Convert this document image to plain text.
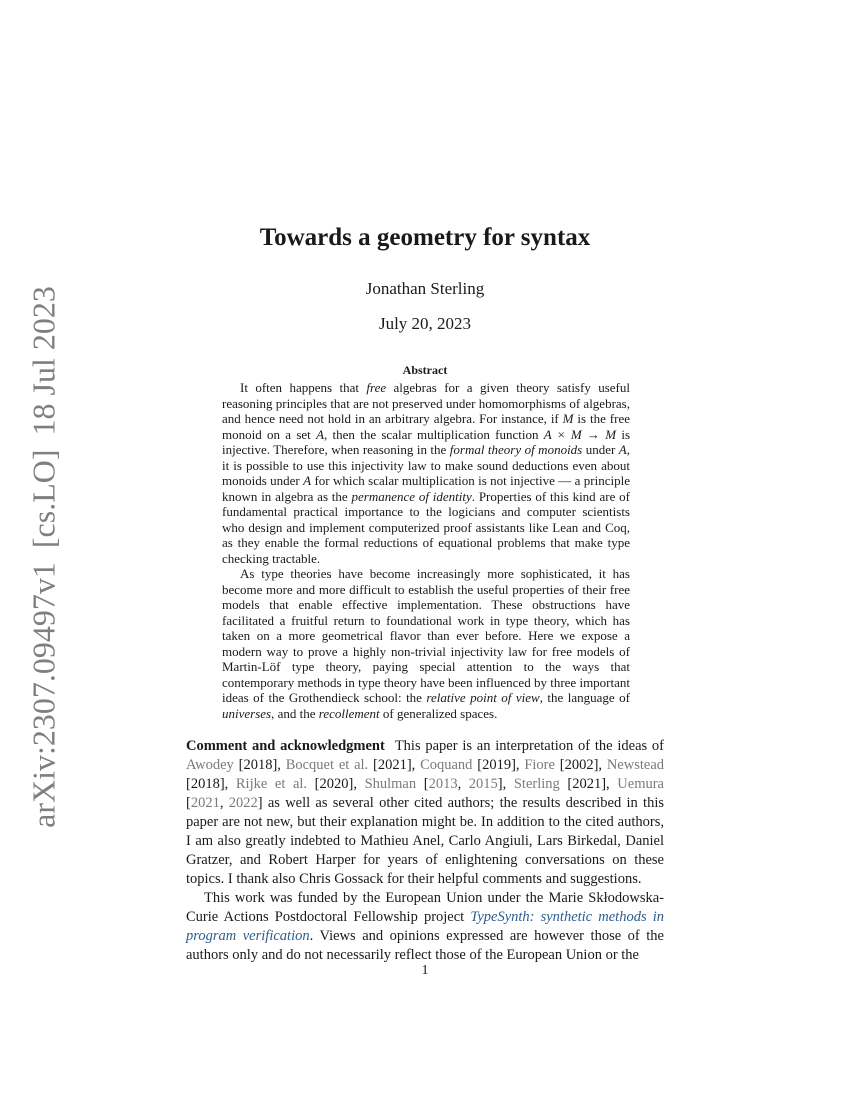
arXiv:2307.09497v1[cs.LO]18 Jul 2023
Towards a geometry for syntax
Jonathan Sterling
July 20, 2023
Abstract

It often happens that free algebras for a given theory satisfy useful reasoning principles that are not preserved under homomorphisms of algebras, and hence need not hold in an arbitrary algebra. For instance, if M is the free monoid on a set A, then the scalar multiplication function A × M → M is injective. Therefore, when reasoning in the formal theory of monoids under A, it is possible to use this injectivity law to make sound deductions even about monoids under A for which scalar multiplication is not injective — a principle known in algebra as the permanence of identity. Properties of this kind are of fundamental practical importance to the logicians and computer scientists who design and implement computerized proof assistants like Lean and Coq, as they enable the formal reductions of equational problems that make type checking tractable.

As type theories have become increasingly more sophisticated, it has become more and more difficult to establish the useful properties of their free models that enable effective implementation. These obstructions have facilitated a fruitful return to foundational work in type theory, which has taken on a more geometrical flavor than ever before. Here we expose a modern way to prove a highly non-trivial injectivity law for free models of Martin-Löf type theory, paying special attention to the ways that contemporary methods in type theory have been influenced by three important ideas of the Grothendieck school: the relative point of view, the language of universes, and the recollement of generalized spaces.

Comment and acknowledgment This paper is an interpretation of the ideas of Awodey [2018], Bocquet et al. [2021], Coquand [2019], Fiore [2002], Newstead [2018], Rijke et al. [2020], Shulman [2013, 2015], Sterling [2021], Uemura [2021, 2022] as well as several other cited authors; the results described in this paper are not new, but their explanation might be. In addition to the cited authors, I am also greatly indebted to Mathieu Anel, Carlo Angiuli, Lars Birkedal, Daniel Gratzer, and Robert Harper for years of enlightening conversations on these topics. I thank also Chris Gossack for their helpful comments and suggestions.

This work was funded by the European Union under the Marie Skłodowska-Curie Actions Postdoctoral Fellowship project TypeSynth: synthetic methods in program verification. Views and opinions expressed are however those of the authors only and do not necessarily reflect those of the European Union or the

1
